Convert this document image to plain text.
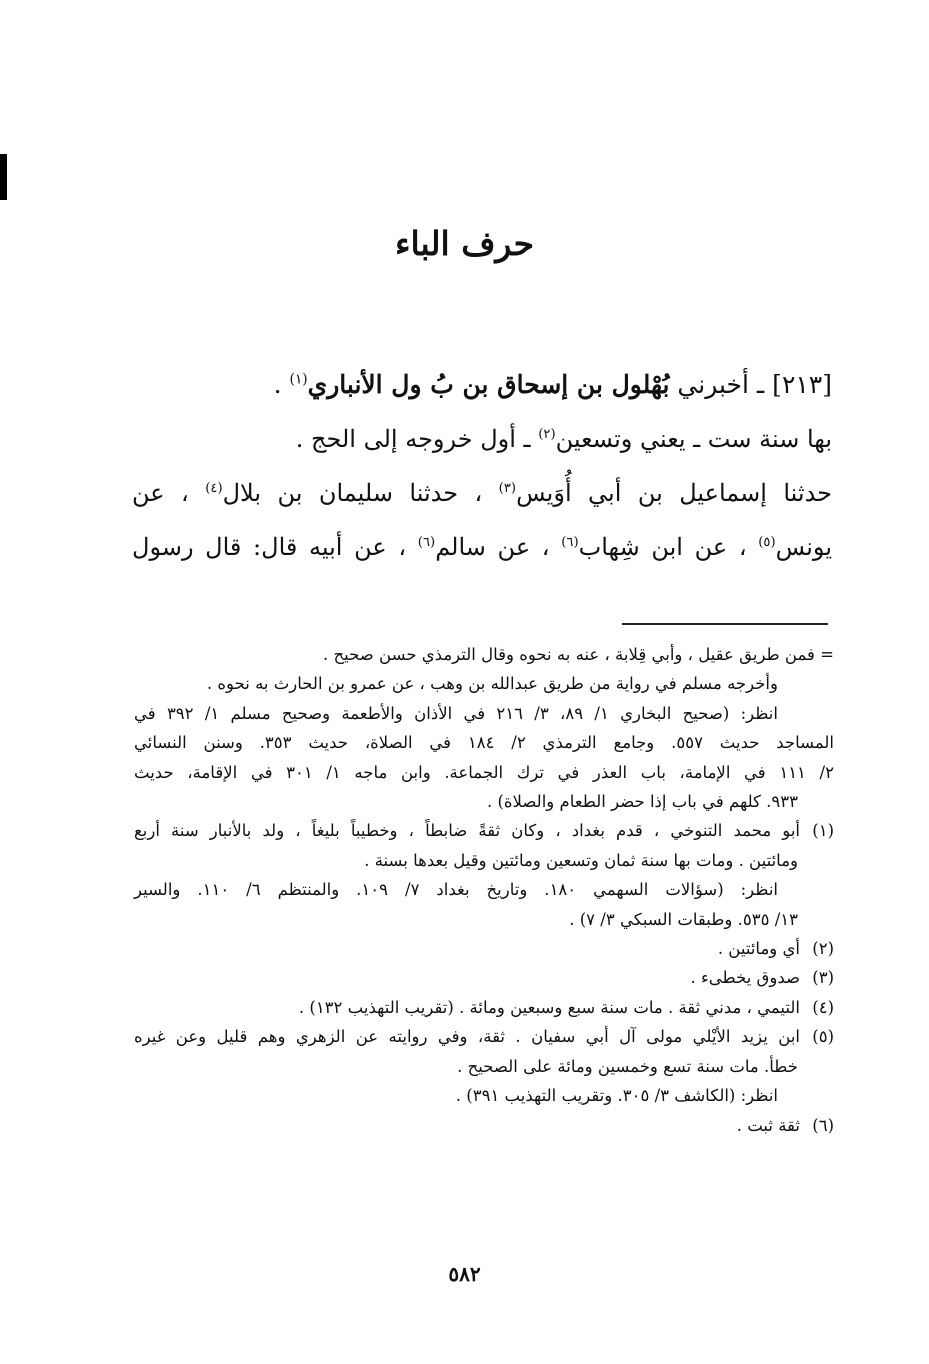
حرف الباء

[٢١٣] ـ أخبرني بُهْلول بن إسحاق بن بُ ول الأنباري$^{(١)}$ .

بها سنة ست ـ يعني وتسعين$^{(٢)}$ ـ أول خروجه إلى الحج .

حدثنا إسماعيل بن أبي أُوَيس$^{(٣)}$ ، حدثنا سليمان بن بلال$^{(٤)}$ ، عن

يونس$^{(٥)}$ ، عن ابن شِهاب$^{(٦)}$ ، عن سالم$^{(٦)}$ ، عن أبيه قال: قال رسول

= فمن طريق عقيل ، وأبي قِلابة ، عنه به نحوه وقال الترمذي حسن صحيح .

وأخرجه مسلم في رواية من طريق عبدالله بن وهب ، عن عمرو بن الحارث به نحوه .

انظر: (صحيح البخاري ١/ ٨٩، ٣/ ٢١٦ في الأذان والأطعمة وصحيح مسلم ١/ ٣٩٢ في

المساجد حديث ٥٥٧. وجامع الترمذي ٢/ ١٨٤ في الصلاة، حديث ٣٥٣. وسنن النسائي

٢/ ١١١ في الإمامة، باب العذر في ترك الجماعة. وابن ماجه ١/ ٣٠١ في الإقامة، حديث

٩٣٣. كلهم في باب إذا حضر الطعام والصلاة) .

(١)أبو محمد التنوخي ، قدم بغداد ، وكان ثقةً ضابطاً ، وخطيباً بليغاً ، ولد بالأنبار سنة أربع

ومائتين . ومات بها سنة ثمان وتسعين ومائتين وقيل بعدها بسنة .

انظر: (سؤالات السهمي ١٨٠. وتاريخ بغداد ٧/ ١٠٩. والمنتظم ٦/ ١١٠. والسير

١٣/ ٥٣٥. وطبقات السبكي ٣/ ٧) .

(٢)أي ومائتين .

(٣)صدوق يخطىء .

(٤)التيمي ، مدني ثقة . مات سنة سبع وسبعين ومائة . (تقريب التهذيب ١٣٢) .

(٥)ابن يزيد الأيْلي مولى آل أبي سفيان . ثقة، وفي روايته عن الزهري وهم قليل وعن غيره

خطأ. مات سنة تسع وخمسين ومائة على الصحيح .

انظر: (الكاشف ٣/ ٣٠٥. وتقريب التهذيب ٣٩١) .

(٦)ثقة ثبت .

٥٨٢
